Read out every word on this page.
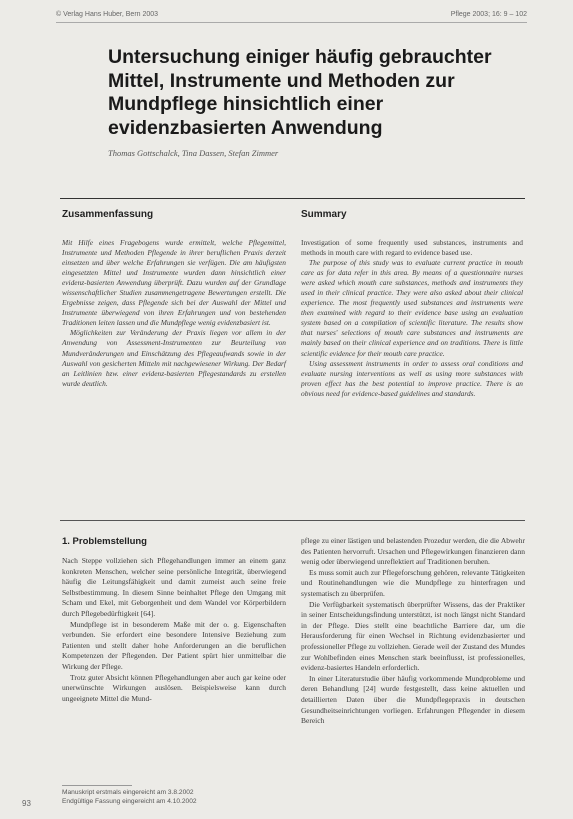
© Verlag Hans Huber, Bern 2003	Pflege 2003; 16: 9 – 102
Untersuchung einiger häufig gebrauchter Mittel, Instrumente und Methoden zur Mundpflege hinsichtlich einer evidenzbasierten Anwendung
Thomas Gottschalck, Tina Dassen, Stefan Zimmer
Zusammenfassung	Summary

Mit Hilfe eines Fragebogens wurde ermittelt, welche Pflegemittel, Instrumente und Methoden Pflegende in ihrer beruflichen Praxis derzeit einsetzen und über welche Erfahrungen sie verfügen. Die am häufigsten eingesetzten Mittel und Instrumente wurden dann hinsichtlich einer evidenz-basierten Anwendung überprüft. Dazu wurden auf der Grundlage wissenschaftlicher Studien zusammengetragene Bewertungen erstellt. Die Ergebnisse zeigen, dass Pflegende sich bei der Auswahl der Mittel und Instrumente überwiegend von ihren Erfahrungen und von bestehenden Traditionen leiten lassen und die Mundpflege wenig evidenzbasiert ist.

Möglichkeiten zur Veränderung der Praxis liegen vor allem in der Anwendung von Assessment-Instrumenten zur Beurteilung von Mundveränderungen und Einschätzung des Pflegeaufwands sowie in der Auswahl von gesicherten Mitteln mit nachgewiesener Wirkung. Der Bedarf an Leitlinien bzw. einer evidenz-basierten Pflegestandards zu erstellen wurde deutlich.

Investigation of some frequently used substances, instruments and methods in mouth care with regard to evidence based use.

The purpose of this study was to evaluate current practice in mouth care as for data refer in this area. By means of a questionnaire nurses were asked which mouth care substances, methods and instruments they used in their clinical practice. They were also asked about their clinical experience. The most frequently used substances and instruments were then examined with regard to their evidence base using an evaluation system based on a compilation of scientific literature. The results show that nurses' selections of mouth care substances and instruments are mainly based on their clinical experience and on traditions. There is little scientific evidence for their mouth care practice.

Using assessment instruments in order to assess oral conditions and evaluate nursing interventions as well as using more substances with proven effect has the best potential to improve practice. There is an obvious need for evidence-based guidelines and standards.

1. Problemstellung

Nach Steppe vollziehen sich Pflegehandlungen immer an einem ganz konkreten Menschen, welcher seine persönliche Integrität, überwiegend häufig die Leitungsfähigkeit und damit zumeist auch seine freie Selbstbestimmung. In diesem Sinne beinhaltet Pflege den Umgang mit Scham und Ekel, mit Geborgenheit und dem Wandel vor Körperbildern durch Pflegebedürftigkeit [64].

Mundpflege ist in besonderem Maße mit der o. g. Eigenschaften verbunden. Sie erfordert eine besondere Intensive Beziehung zum Patienten und stellt daher hohe Anforderungen an die beruflichen Kompetenzen der Pflegenden. Der Patient spürt hier unmittelbar die Wirkung der Pflege.

Trotz guter Absicht können Pflegehandlungen aber auch gar keine oder unerwünschte Wirkungen auslösen. Beispielsweise kann durch ungeeignete Mittel die Mund-

pflege zu einer lästigen und belastenden Prozedur werden, die die Abwehr des Patienten hervorruft. Ursachen und Pflegewirkungen finanzieren dann wenig oder überwiegend unreflektiert auf Traditionen beruhen.

Es muss somit auch zur Pflegeforschung gehören, relevante Tätigkeiten und Routinehandlungen wie die Mundpflege zu hinterfragen und systematisch zu überprüfen.

Die Verfügbarkeit systematisch überprüfter Wissens, das der Praktiker in seiner Entscheidungsfindung unterstützt, ist noch längst nicht Standard in der Pflege. Dies stellt eine beachtliche Barriere dar, um die Herausforderung für einen Wechsel in Richtung evidenzbasierter und professioneller Pflege zu vollziehen. Gerade weil der Zustand des Mundes zur Wohlbefinden eines Menschen stark beeinflusst, ist professionelles, evidenz-basiertes Handeln erforderlich.

In einer Literaturstudie über häufig vorkommende Mundprobleme und deren Behandlung [24] wurde festgestellt, dass keine aktuellen und detaillierten Daten über die Mundpflegepraxis in deutschen Gesundheitseinrichtungen vorliegen. Erfahrungen Pflegender in diesem Bereich

Manuskript erstmals eingereicht am 3.8.2002
Endgültige Fassung eingereicht am 4.10.2002
93
